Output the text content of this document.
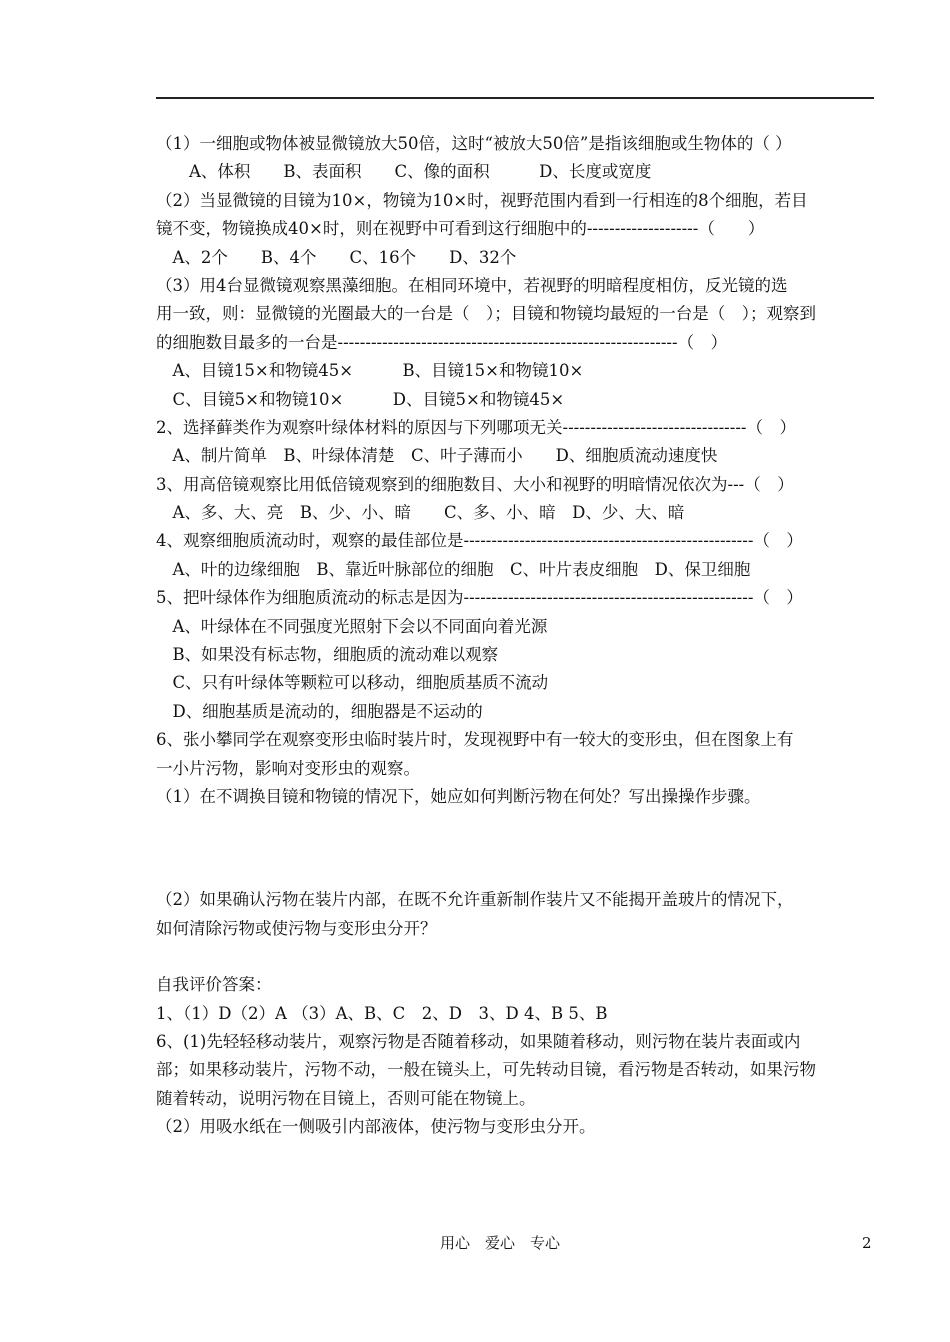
（1）一细胞或物体被显微镜放大50倍，这时“被放大50倍”是指该细胞或生物体的（ ）
　　A、体积　　B、表面积　　C、像的面积　　　D、长度或宽度
（2）当显微镜的目镜为10×，物镜为10×时，视野范围内看到一行相连的8个细胞，若目
镜不变，物镜换成40×时，则在视野中可看到这行细胞中的--------------------（　　）
　A、2个　　B、4个　　C、16个　　D、32个
（3）用4台显微镜观察黑藻细胞。在相同环境中，若视野的明暗程度相仿，反光镜的选
用一致，则：显微镜的光圈最大的一台是（　）；目镜和物镜均最短的一台是（　）；观察到
的细胞数目最多的一台是-------------------------------------------------------------（　）
　A、目镜15×和物镜45×　　　B、目镜15×和物镜10×
　C、目镜5×和物镜10×　　　D、目镜5×和物镜45×
2、选择藓类作为观察叶绿体材料的原因与下列哪项无关---------------------------------（　）
　A、制片简单　B、叶绿体清楚　C、叶子薄而小　　D、细胞质流动速度快
3、用高倍镜观察比用低倍镜观察到的细胞数目、大小和视野的明暗情况依次为---（　）
　A、多、大、亮　B、少、小、暗　　C、多、小、暗　D、少、大、暗
4、观察细胞质流动时，观察的最佳部位是----------------------------------------------------（　）
　A、叶的边缘细胞　B、靠近叶脉部位的细胞　C、叶片表皮细胞　D、保卫细胞
5、把叶绿体作为细胞质流动的标志是因为----------------------------------------------------（　）
　A、叶绿体在不同强度光照射下会以不同面向着光源
　B、如果没有标志物，细胞质的流动难以观察
　C、只有叶绿体等颗粒可以移动，细胞质基质不流动
　D、细胞基质是流动的，细胞器是不运动的
6、张小攀同学在观察变形虫临时装片时，发现视野中有一较大的变形虫，但在图象上有
一小片污物，影响对变形虫的观察。
（1）在不调换目镜和物镜的情况下，她应如何判断污物在何处？写出操操作步骤。
（2）如果确认污物在装片内部，在既不允许重新制作装片又不能揭开盖玻片的情况下，
如何清除污物或使污物与变形虫分开？
自我评价答案：
1、（1）D（2）A （3）A、B、C　2、D　3、D 4、B 5、B
6、(1)先轻轻移动装片，观察污物是否随着移动，如果随着移动，则污物在装片表面或内
部；如果移动装片，污物不动，一般在镜头上，可先转动目镜，看污物是否转动，如果污物
随着转动，说明污物在目镜上，否则可能在物镜上。
（2）用吸水纸在一侧吸引内部液体，使污物与变形虫分开。
用心　爱心　专心	2
